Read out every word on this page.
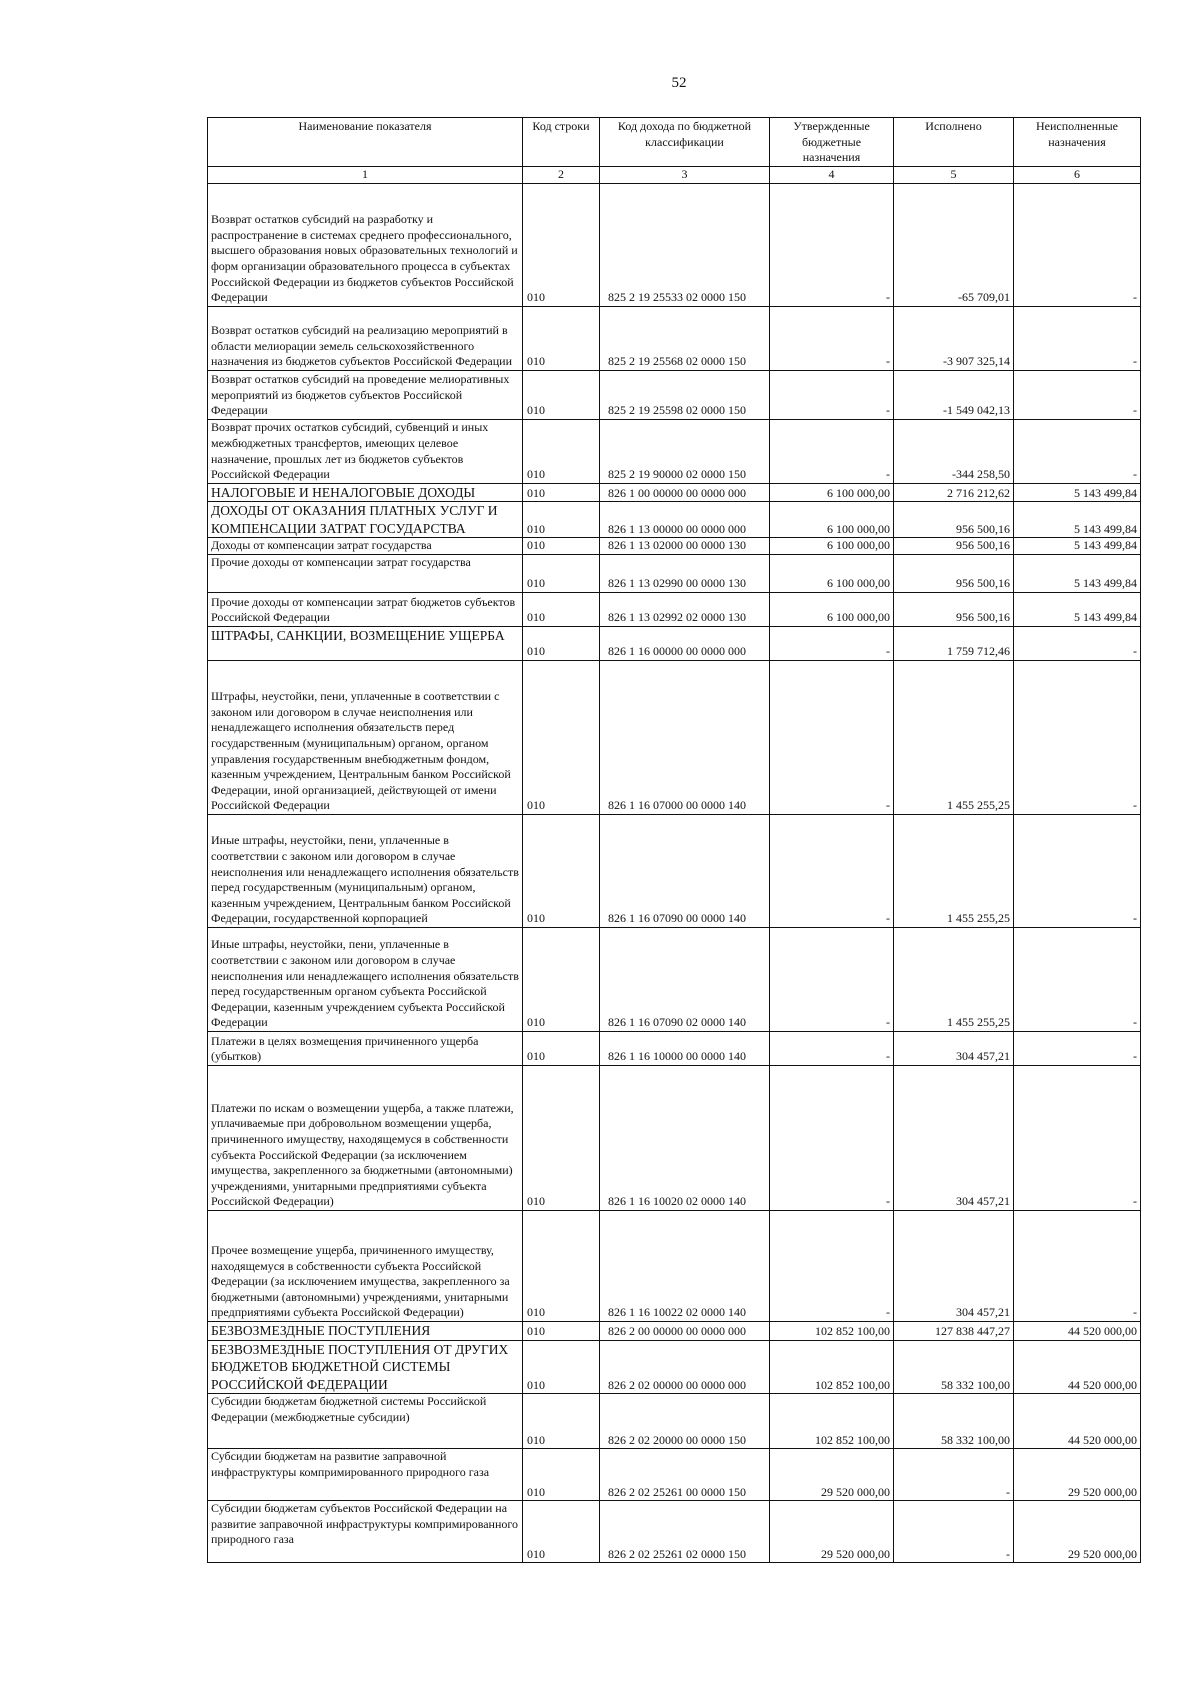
52
Наименование показателя	Код строки	Код дохода по бюджетной классификации	Утвержденные бюджетные назначения	Исполнено	Неисполненные назначения
1	2	3	4	5	6
Возврат остатков субсидий на разработку и распространение в системах среднего профессионального, высшего образования новых образовательных технологий и форм организации образовательного процесса в субъектах Российской Федерации из бюджетов субъектов Российской Федерации	010	825 2 19 25533 02 0000 150	-	-65 709,01	-
Возврат остатков субсидий на реализацию мероприятий в области мелиорации земель сельскохозяйственного назначения из бюджетов субъектов Российской Федерации	010	825 2 19 25568 02 0000 150	-	-3 907 325,14	-
Возврат остатков субсидий на проведение мелиоративных мероприятий из бюджетов субъектов Российской Федерации	010	825 2 19 25598 02 0000 150	-	-1 549 042,13	-
Возврат прочих остатков субсидий, субвенций и иных межбюджетных трансфертов, имеющих целевое назначение, прошлых лет из бюджетов субъектов Российской Федерации	010	825 2 19 90000 02 0000 150	-	-344 258,50	-
НАЛОГОВЫЕ И НЕНАЛОГОВЫЕ ДОХОДЫ	010	826 1 00 00000 00 0000 000	6 100 000,00	2 716 212,62	5 143 499,84
ДОХОДЫ ОТ ОКАЗАНИЯ ПЛАТНЫХ УСЛУГ И КОМПЕНСАЦИИ ЗАТРАТ ГОСУДАРСТВА	010	826 1 13 00000 00 0000 000	6 100 000,00	956 500,16	5 143 499,84
Доходы от компенсации затрат государства	010	826 1 13 02000 00 0000 130	6 100 000,00	956 500,16	5 143 499,84
Прочие доходы от компенсации затрат государства	010	826 1 13 02990 00 0000 130	6 100 000,00	956 500,16	5 143 499,84
Прочие доходы от компенсации затрат бюджетов субъектов Российской Федерации	010	826 1 13 02992 02 0000 130	6 100 000,00	956 500,16	5 143 499,84
ШТРАФЫ, САНКЦИИ, ВОЗМЕЩЕНИЕ УЩЕРБА	010	826 1 16 00000 00 0000 000	-	1 759 712,46	-
Штрафы, неустойки, пени, уплаченные в соответствии с законом или договором в случае неисполнения или ненадлежащего исполнения обязательств перед государственным (муниципальным) органом, органом управления государственным внебюджетным фондом, казенным учреждением, Центральным банком Российской Федерации, иной организацией, действующей от имени Российской Федерации	010	826 1 16 07000 00 0000 140	-	1 455 255,25	-
Иные штрафы, неустойки, пени, уплаченные в соответствии с законом или договором в случае неисполнения или ненадлежащего исполнения обязательств перед государственным (муниципальным) органом, казенным учреждением, Центральным банком Российской Федерации, государственной корпорацией	010	826 1 16 07090 00 0000 140	-	1 455 255,25	-
Иные штрафы, неустойки, пени, уплаченные в соответствии с законом или договором в случае неисполнения или ненадлежащего исполнения обязательств перед государственным органом субъекта Российской Федерации, казенным учреждением субъекта Российской Федерации	010	826 1 16 07090 02 0000 140	-	1 455 255,25	-
Платежи в целях возмещения причиненного ущерба (убытков)	010	826 1 16 10000 00 0000 140	-	304 457,21	-
Платежи по искам о возмещении ущерба, а также платежи, уплачиваемые при добровольном возмещении ущерба, причиненного имуществу, находящемуся в собственности субъекта Российской Федерации (за исключением имущества, закрепленного за бюджетными (автономными) учреждениями, унитарными предприятиями субъекта Российской Федерации)	010	826 1 16 10020 02 0000 140	-	304 457,21	-
Прочее возмещение ущерба, причиненного имуществу, находящемуся в собственности субъекта Российской Федерации (за исключением имущества, закрепленного за бюджетными (автономными) учреждениями, унитарными предприятиями субъекта Российской Федерации)	010	826 1 16 10022 02 0000 140	-	304 457,21	-
БЕЗВОЗМЕЗДНЫЕ ПОСТУПЛЕНИЯ	010	826 2 00 00000 00 0000 000	102 852 100,00	127 838 447,27	44 520 000,00
БЕЗВОЗМЕЗДНЫЕ ПОСТУПЛЕНИЯ ОТ ДРУГИХ БЮДЖЕТОВ БЮДЖЕТНОЙ СИСТЕМЫ РОССИЙСКОЙ ФЕДЕРАЦИИ	010	826 2 02 00000 00 0000 000	102 852 100,00	58 332 100,00	44 520 000,00
Субсидии бюджетам бюджетной системы Российской Федерации (межбюджетные субсидии)	010	826 2 02 20000 00 0000 150	102 852 100,00	58 332 100,00	44 520 000,00
Субсидии бюджетам на развитие заправочной инфраструктуры компримированного природного газа	010	826 2 02 25261 00 0000 150	29 520 000,00	-	29 520 000,00
Субсидии бюджетам субъектов Российской Федерации на развитие заправочной инфраструктуры компримированного природного газа	010	826 2 02 25261 02 0000 150	29 520 000,00	-	29 520 000,00
